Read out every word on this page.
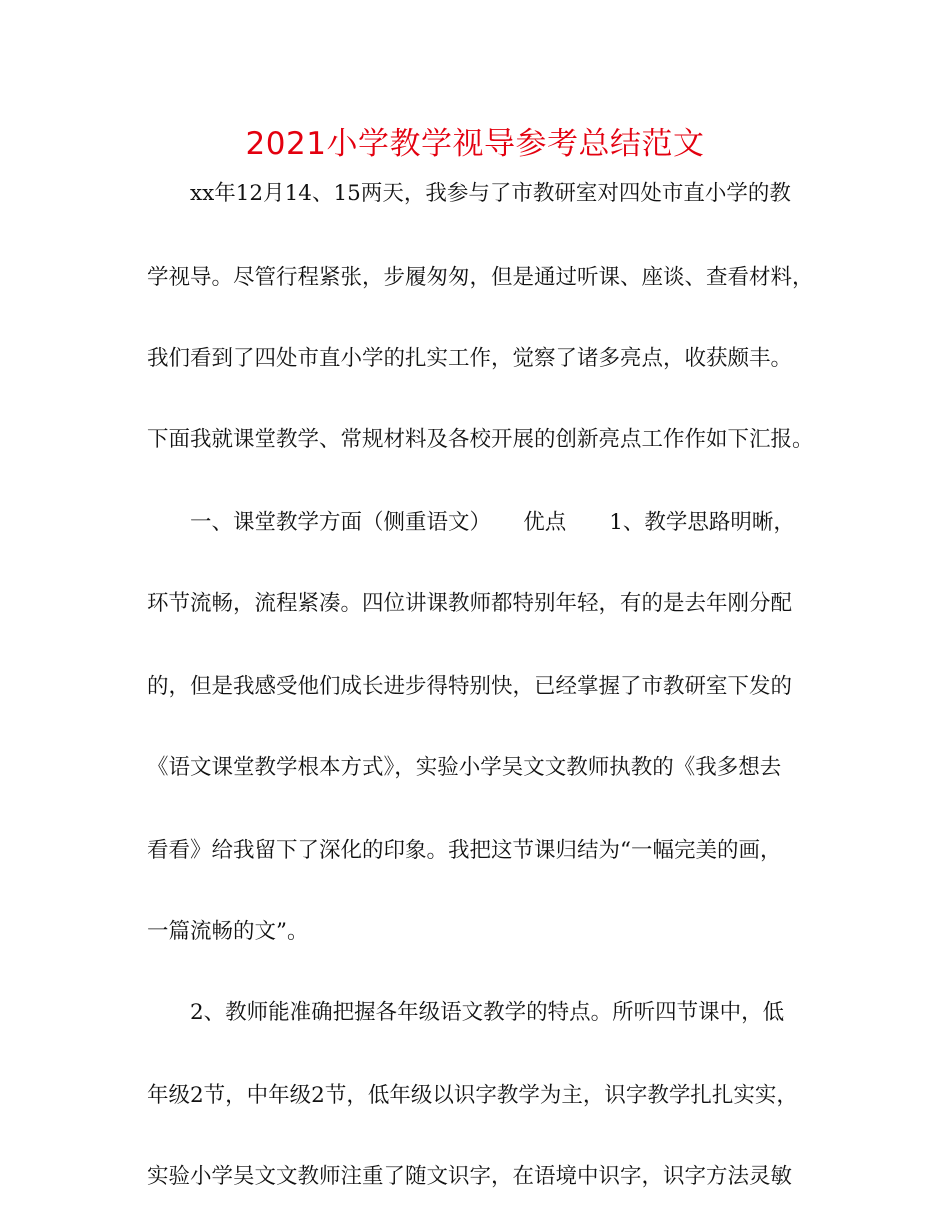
2021小学教学视导参考总结范文
xx年12月14、15两天，我参与了市教研室对四处市直小学的教
学视导。尽管行程紧张，步履匆匆，但是通过听课、座谈、查看材料，
我们看到了四处市直小学的扎实工作，觉察了诸多亮点，收获颇丰。
下面我就课堂教学、常规材料及各校开展的创新亮点工作作如下汇报。
一、课堂教学方面（侧重语文）　　优点　　1、教学思路明晰，
环节流畅，流程紧凑。四位讲课教师都特别年轻，有的是去年刚分配
的，但是我感受他们成长进步得特别快，已经掌握了市教研室下发的
《语文课堂教学根本方式》，实验小学吴文文教师执教的《我多想去
看看》给我留下了深化的印象。我把这节课归结为“一幅完美的画，
一篇流畅的文”。
2、教师能准确把握各年级语文教学的特点。所听四节课中，低
年级2节，中年级2节，低年级以识字教学为主，识字教学扎扎实实，
实验小学吴文文教师注重了随文识字，在语境中识字，识字方法灵敏
